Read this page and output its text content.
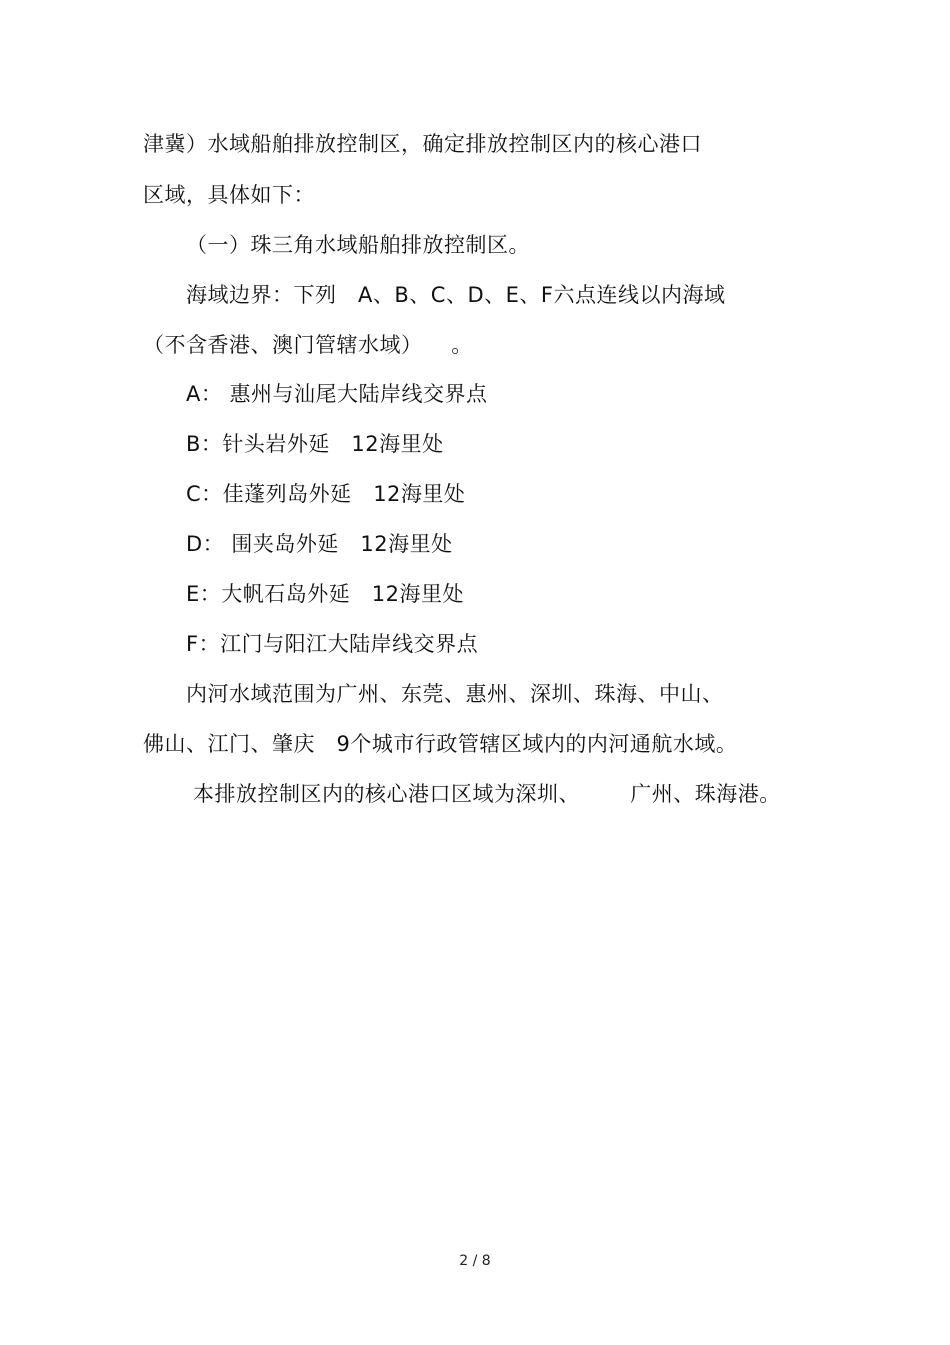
津冀）水域船舶排放控制区，确定排放控制区内的核心港口
区域，具体如下：
（一）珠三角水域船舶排放控制区。
海域边界：下列   A、B、C、D、E、F六点连线以内海域
（不含香港、澳门管辖水域）    。
A： 惠州与汕尾大陆岸线交界点
B：针头岩外延   12海里处
C：佳蓬列岛外延   12海里处
D： 围夹岛外延   12海里处
E：大帆石岛外延   12海里处
F：江门与阳江大陆岸线交界点
内河水域范围为广州、东莞、惠州、深圳、珠海、中山、
佛山、江门、肇庆   9个城市行政管辖区域内的内河通航水域。
本排放控制区内的核心港口区域为深圳、       广州、珠海港。
2 / 8
